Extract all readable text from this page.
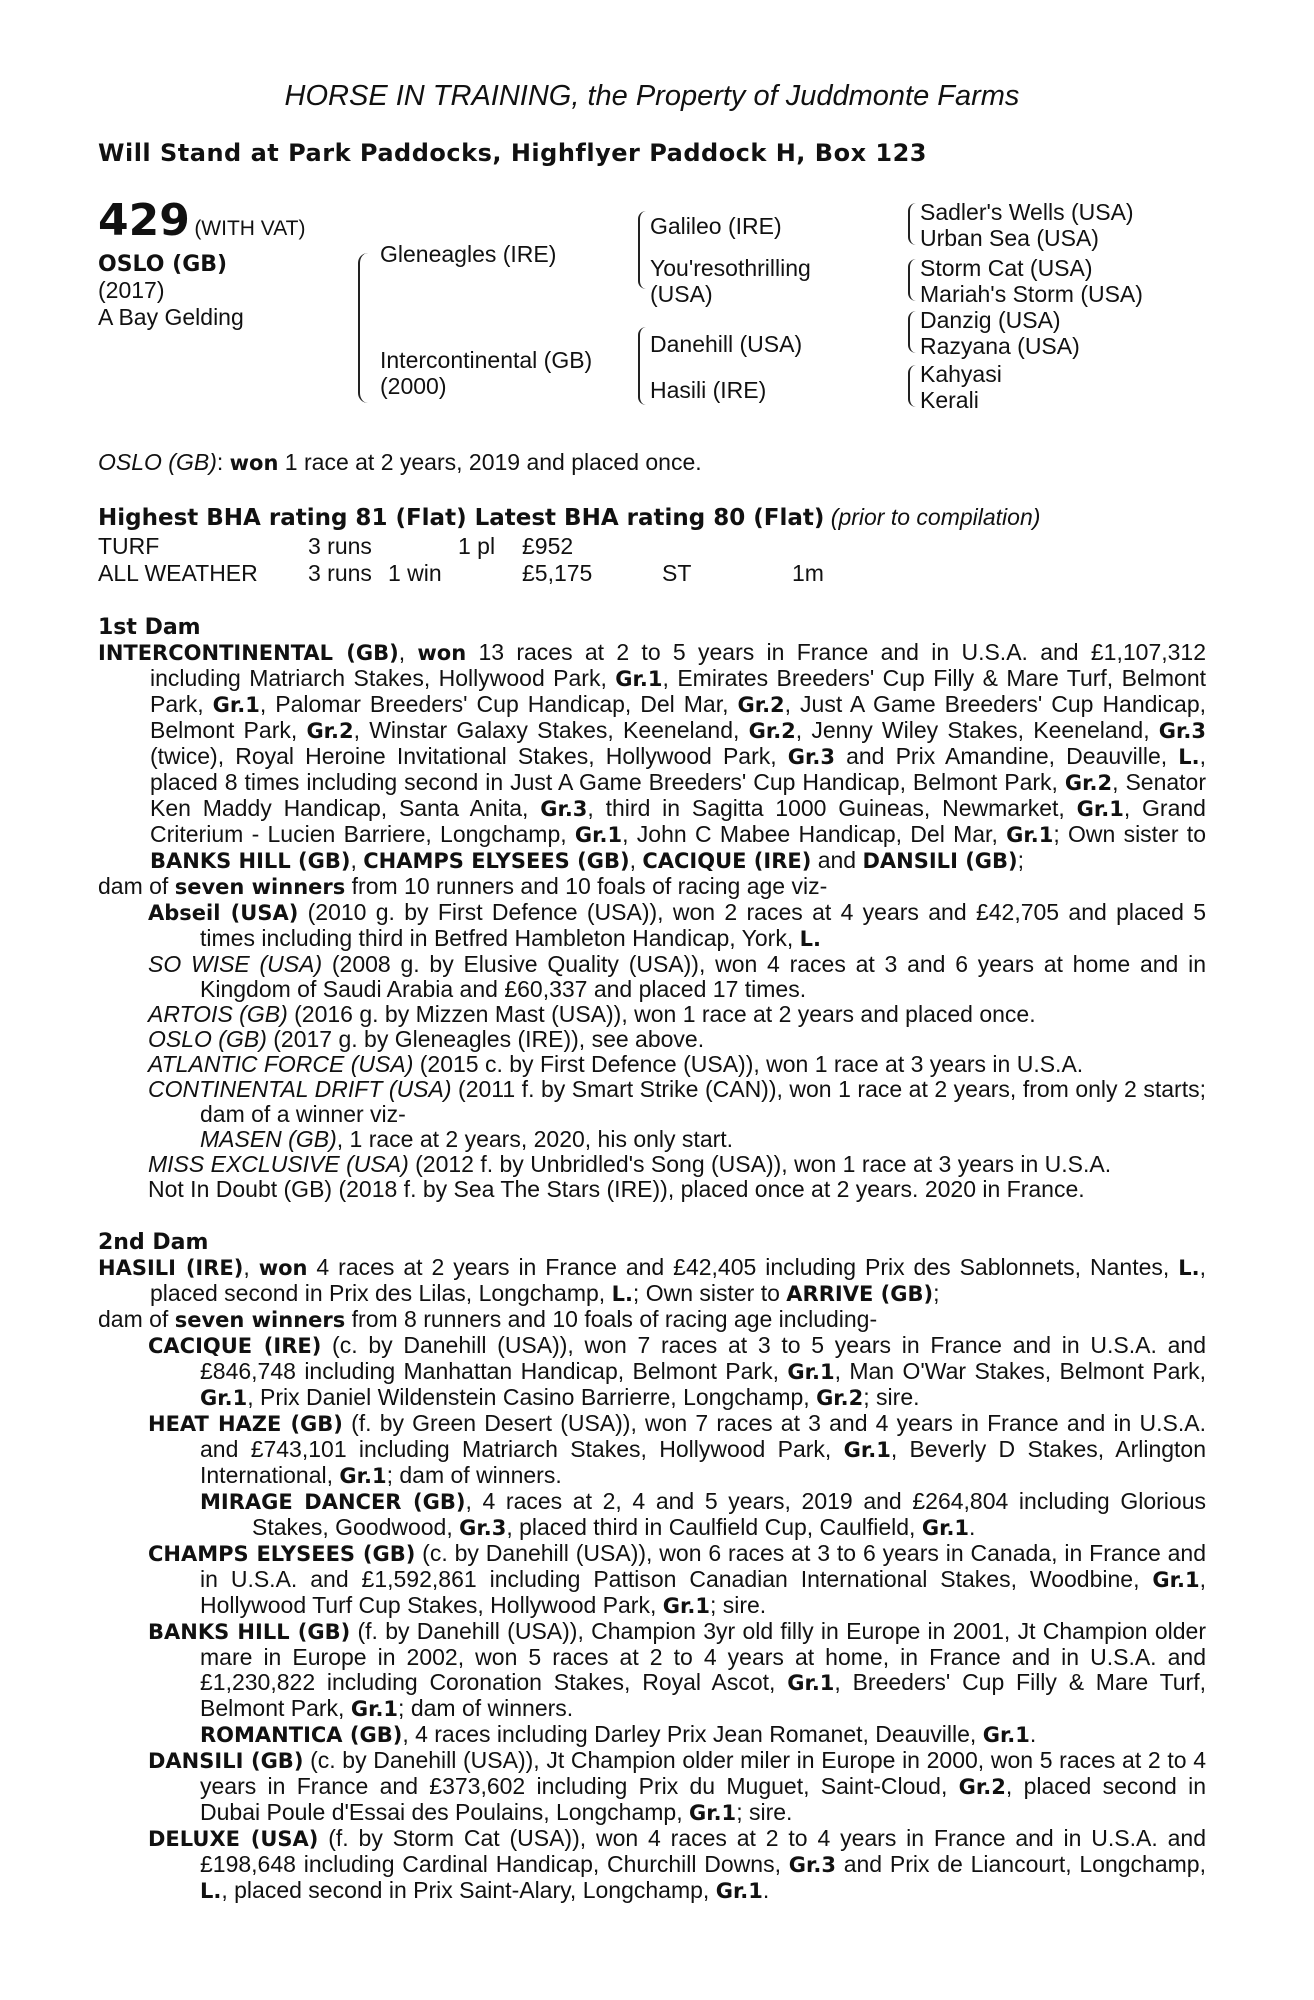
HORSE IN TRAINING, the Property of Juddmonte Farms
Will Stand at Park Paddocks, Highflyer Paddock H, Box 123
429 (WITH VAT)
OSLO (GB)
(2017)
A Bay Gelding
Gleneagles (IRE)
Intercontinental (GB)
(2000)
Galileo (IRE)
You'resothrilling
(USA)
Danehill (USA)
Hasili (IRE)
Sadler's Wells (USA)
Urban Sea (USA)
Storm Cat (USA)
Mariah's Storm (USA)
Danzig (USA)
Razyana (USA)
Kahyasi
Kerali
OSLO (GB): won 1 race at 2 years, 2019 and placed once.
Highest BHA rating 81 (Flat) Latest BHA rating 80 (Flat) (prior to compilation)
TURF	3 runs		1 pl	£952		
ALL WEATHER	3 runs	1 win		£5,175	ST	1m
1st Dam

INTERCONTINENTAL (GB), won 13 races at 2 to 5 years in France and in U.S.A. and £1,107,312 including Matriarch Stakes, Hollywood Park, Gr.1, Emirates Breeders' Cup Filly & Mare Turf, Belmont Park, Gr.1, Palomar Breeders' Cup Handicap, Del Mar, Gr.2, Just A Game Breeders' Cup Handicap, Belmont Park, Gr.2, Winstar Galaxy Stakes, Keeneland, Gr.2, Jenny Wiley Stakes, Keeneland, Gr.3 (twice), Royal Heroine Invitational Stakes, Hollywood Park, Gr.3 and Prix Amandine, Deauville, L., placed 8 times including second in Just A Game Breeders' Cup Handicap, Belmont Park, Gr.2, Senator Ken Maddy Handicap, Santa Anita, Gr.3, third in Sagitta 1000 Guineas, Newmarket, Gr.1, Grand Criterium - Lucien Barriere, Longchamp, Gr.1, John C Mabee Handicap, Del Mar, Gr.1; Own sister to BANKS HILL (GB), CHAMPS ELYSEES (GB), CACIQUE (IRE) and DANSILI (GB);

dam of seven winners from 10 runners and 10 foals of racing age viz-

Abseil (USA) (2010 g. by First Defence (USA)), won 2 races at 4 years and £42,705 and placed 5 times including third in Betfred Hambleton Handicap, York, L.

SO WISE (USA) (2008 g. by Elusive Quality (USA)), won 4 races at 3 and 6 years at home and in Kingdom of Saudi Arabia and £60,337 and placed 17 times.

ARTOIS (GB) (2016 g. by Mizzen Mast (USA)), won 1 race at 2 years and placed once.

OSLO (GB) (2017 g. by Gleneagles (IRE)), see above.

ATLANTIC FORCE (USA) (2015 c. by First Defence (USA)), won 1 race at 3 years in U.S.A.

CONTINENTAL DRIFT (USA) (2011 f. by Smart Strike (CAN)), won 1 race at 2 years, from only 2 starts; dam of a winner viz-

MASEN (GB), 1 race at 2 years, 2020, his only start.

MISS EXCLUSIVE (USA) (2012 f. by Unbridled's Song (USA)), won 1 race at 3 years in U.S.A.

Not In Doubt (GB) (2018 f. by Sea The Stars (IRE)), placed once at 2 years. 2020 in France.

2nd Dam

HASILI (IRE), won 4 races at 2 years in France and £42,405 including Prix des Sablonnets, Nantes, L., placed second in Prix des Lilas, Longchamp, L.; Own sister to ARRIVE (GB);

dam of seven winners from 8 runners and 10 foals of racing age including-

CACIQUE (IRE) (c. by Danehill (USA)), won 7 races at 3 to 5 years in France and in U.S.A. and £846,748 including Manhattan Handicap, Belmont Park, Gr.1, Man O'War Stakes, Belmont Park, Gr.1, Prix Daniel Wildenstein Casino Barrierre, Longchamp, Gr.2; sire.

HEAT HAZE (GB) (f. by Green Desert (USA)), won 7 races at 3 and 4 years in France and in U.S.A. and £743,101 including Matriarch Stakes, Hollywood Park, Gr.1, Beverly D Stakes, Arlington International, Gr.1; dam of winners.

MIRAGE DANCER (GB), 4 races at 2, 4 and 5 years, 2019 and £264,804 including Glorious Stakes, Goodwood, Gr.3, placed third in Caulfield Cup, Caulfield, Gr.1.

CHAMPS ELYSEES (GB) (c. by Danehill (USA)), won 6 races at 3 to 6 years in Canada, in France and in U.S.A. and £1,592,861 including Pattison Canadian International Stakes, Woodbine, Gr.1, Hollywood Turf Cup Stakes, Hollywood Park, Gr.1; sire.

BANKS HILL (GB) (f. by Danehill (USA)), Champion 3yr old filly in Europe in 2001, Jt Champion older mare in Europe in 2002, won 5 races at 2 to 4 years at home, in France and in U.S.A. and £1,230,822 including Coronation Stakes, Royal Ascot, Gr.1, Breeders' Cup Filly & Mare Turf, Belmont Park, Gr.1; dam of winners.

ROMANTICA (GB), 4 races including Darley Prix Jean Romanet, Deauville, Gr.1.

DANSILI (GB) (c. by Danehill (USA)), Jt Champion older miler in Europe in 2000, won 5 races at 2 to 4 years in France and £373,602 including Prix du Muguet, Saint-Cloud, Gr.2, placed second in Dubai Poule d'Essai des Poulains, Longchamp, Gr.1; sire.

DELUXE (USA) (f. by Storm Cat (USA)), won 4 races at 2 to 4 years in France and in U.S.A. and £198,648 including Cardinal Handicap, Churchill Downs, Gr.3 and Prix de Liancourt, Longchamp, L., placed second in Prix Saint-Alary, Longchamp, Gr.1.
